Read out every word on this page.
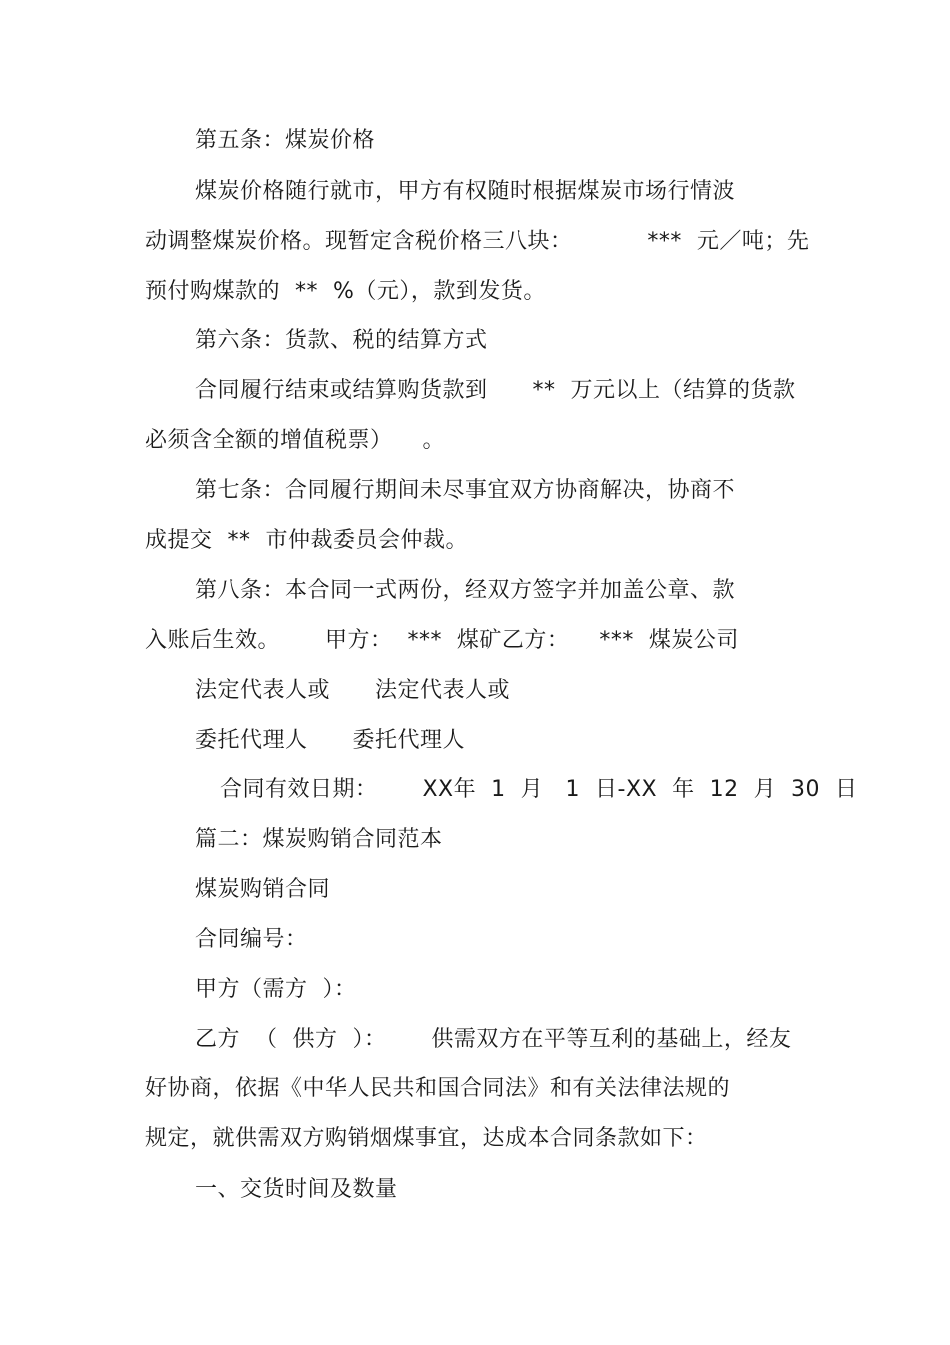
第五条：煤炭价格
煤炭价格随行就市，甲方有权随时根据煤炭市场行情波
动调整煤炭价格。现暂定含税价格三八块：          ***  元／吨；先
预付购煤款的  **  %（元），款到发货。
第六条：货款、税的结算方式
合同履行结束或结算购货款到      **  万元以上（结算的货款
必须含全额的增值税票）    。
第七条：合同履行期间未尽事宜双方协商解决，协商不
成提交  **  市仲裁委员会仲裁。
第八条：本合同一式两份，经双方签字并加盖公章、款
入账后生效。      甲方：  ***  煤矿乙方：    ***  煤炭公司
法定代表人或      法定代表人或
委托代理人      委托代理人
合同有效日期：      XX年  1  月   1  日-XX  年  12  月  30  日
篇二：煤炭购销合同范本
煤炭购销合同
合同编号：
甲方（需方  ）：
乙方  （  供方  ）：      供需双方在平等互利的基础上，经友
好协商，依据《中华人民共和国合同法》和有关法律法规的
规定，就供需双方购销烟煤事宜，达成本合同条款如下：
一、交货时间及数量
